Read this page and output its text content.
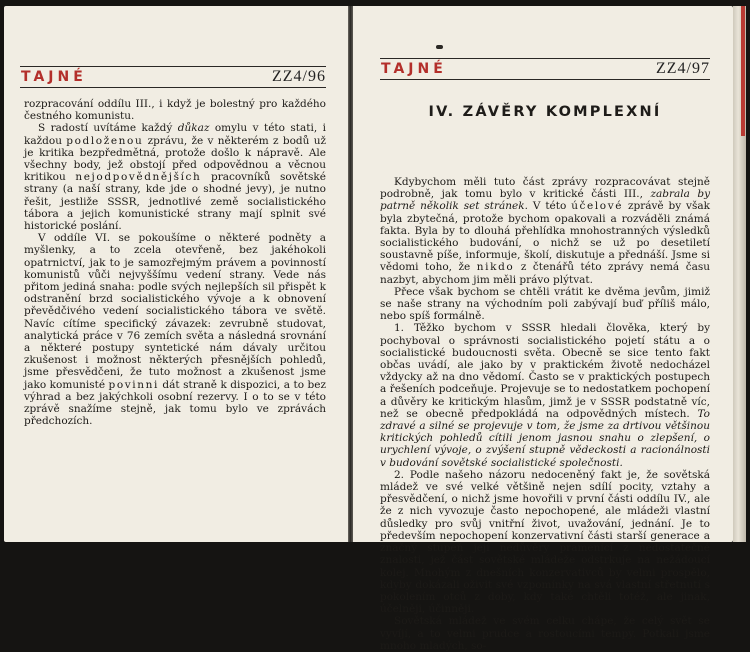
TAJNÉ	ZZ4/96

rozpracování oddílu III., i když je bolestný pro každého čestného komunistu.

S radostí uvítáme každý důkaz omylu v této stati, i každou podloženou zprávu, že v některém z bodů už je kritika bezpředmětná, protože došlo k nápravě. Ale všechny body, jež obstojí před odpovědnou a věcnou kritikou nejodpovědnějších pracovníků sovětské strany (a naší strany, kde jde o shodné jevy), je nutno řešit, jestliže SSSR, jednotlivé země socialistického tábora a jejich komunistické strany mají splnit své historické poslání.

V oddíle VI. se pokoušíme o některé podněty a myšlenky, a to zcela otevřeně, bez jakéhokoli opatrnictví, jak to je samozřejmým právem a povinností komunistů vůči nejvyššímu vedení strany. Vede nás přitom jediná snaha: podle svých nejlepších sil přispět k odstranění brzd socialistického vývoje a k obnovení převědčivého vedení socialistického tábora ve světě. Navíc cítíme specifický závazek: zevrubně studovat, analytická práce v 76 zemích světa a následná srovnání a některé postupy syntetické nám dávaly určitou zkušenost i možnost některých přesnějších pohledů, jsme přesvědčeni, že tuto možnost a zkušenost jsme jako komunisté povinni dát straně k dispozici, a to bez výhrad a bez jakýchkoli osobní rezervy. I o to se v této zprávě snažíme stejně, jak tomu bylo ve zprávách předchozích.

TAJNÉ	ZZ4/97
IV. ZÁVĚRY KOMPLEXNÍ

Kdybychom měli tuto část zprávy rozpracovávat stejně podrobně, jak tomu bylo v kritické části III., zabrala by patrně několik set stránek. V této účelové zprávě by však byla zbytečná, protože bychom opakovali a rozváděli známá fakta. Byla by to dlouhá přehlídka mnohostranných výsledků socialistického budování, o nichž se už po desetiletí soustavně píše, informuje, školí, diskutuje a přednáší. Jsme si vědomi toho, že nikdo z čtenářů této zprávy nemá času nazbyt, abychom jim měli právo plýtvat.

Přece však bychom se chtěli vrátit ke dvěma jevům, jimiž se naše strany na východním poli zabývají buď příliš málo, nebo spíš formálně.

1. Těžko bychom v SSSR hledali člověka, který by pochyboval o správnosti socialistického pojetí státu a o socialistické budoucnosti světa. Obecně se sice tento fakt občas uvádí, ale jako by v praktickém životě nedocházel vždycky až na dno vědomí. Často se v praktických postupech a řešeních podceňuje. Projevuje se to nedostatkem pochopení a důvěry ke kritickým hlasům, jimž je v SSSR podstatně víc, než se obecně předpokládá na odpovědných místech. To zdravé a silné se projevuje v tom, že jsme za drtivou většinou kritických pohledů cítili jenom jasnou snahu o zlepšení, o urychlení vývoje, o zvýšení stupně vědeckosti a racionálnosti v budování sovětské socialistické společnosti.

2. Podle našeho názoru nedoceněný fakt je, že sovětská mládež ve své velké většině nejen sdílí pocity, vztahy a přesvědčení, o nichž jsme hovořili v první části oddílu IV., ale že z nich vyvozuje často nepochopené, ale mládeži vlastní důsledky pro svůj vnitřní život, uvažování, jednání. Je to především nepochopení konzervativní části starší generace a značný stupeň její nedůvěry pramenící z nedostatečné znalosti, jež část sovětské mládeže odstrkuje na nežádoucí kolej. Mnohým z dnešních konzervativců by velmi prospělo, kdyby dokázali oživit své vzpomínky na svá vlastní střetnutí s pokolením otců z doby, kdy také chtěli totéž, ale jinak, účelněji, účinněji.

Sovětská mládež ve svém celku chápe, že celý svět se vyvíjí, a to velmi prudce a rostoucími tempy. Potkali jsme mnoho mladých, so-
